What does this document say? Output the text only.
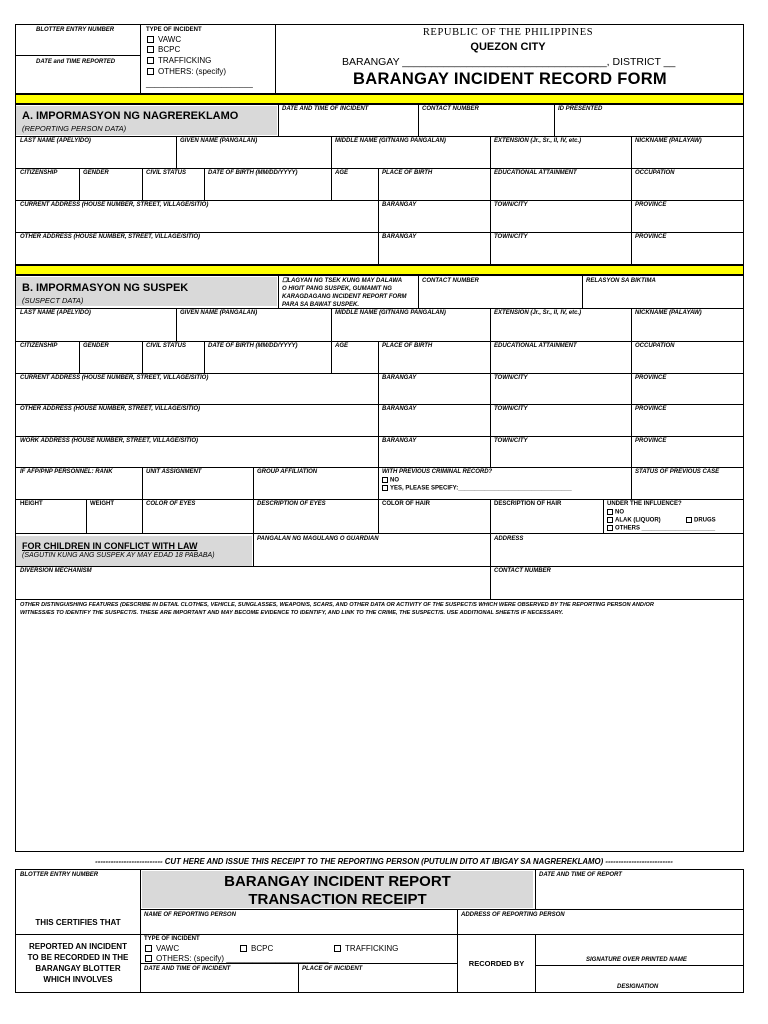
BLOTTER ENTRY NUMBER
DATE and TIME REPORTED
TYPE OF INCIDENT
VAWC
BCPC
TRAFFICKING
OTHERS: (specify)
________________________
REPUBLIC OF THE PHILIPPINES
QUEZON CITY
BARANGAY ___________________________________, DISTRICT __
BARANGAY INCIDENT RECORD FORM
A. IMPORMASYON NG NAGREREKLAMO
(REPORTING PERSON DATA)
DATE AND TIME OF INCIDENT	CONTACT NUMBER	ID PRESENTED
LAST NAME (APELYIDO)	GIVEN NAME (PANGALAN)	MIDDLE NAME (GITNANG PANGALAN)	EXTENSION (Jr., Sr., II, IV, etc.)	NICKNAME (PALAYAW)
CITIZENSHIP	GENDER	CIVIL STATUS	DATE OF BIRTH (MM/DD/YYYY)	AGE	PLACE OF BIRTH	EDUCATIONAL ATTAINMENT	OCCUPATION
CURRENT ADDRESS (HOUSE NUMBER, STREET, VILLAGE/SITIO)	BARANGAY	TOWN/CITY	PROVINCE
OTHER ADDRESS (HOUSE NUMBER, STREET, VILLAGE/SITIO)	BARANGAY	TOWN/CITY	PROVINCE
B. IMPORMASYON NG SUSPEK
(SUSPECT DATA)
☐LAGYAN NG TSEK KUNG MAY DALAWA
O HIGIT PANG SUSPEK, GUMAMIT NG
KARAGDAGANG INCIDENT REPORT FORM
PARA SA BAWAT SUSPEK.
CONTACT NUMBER	RELASYON SA BIKTIMA
LAST NAME (APELYIDO)	GIVEN NAME (PANGALAN)	MIDDLE NAME (GITNANG PANGALAN)	EXTENSION (Jr., Sr., II, IV, etc.)	NICKNAME (PALAYAW)
CITIZENSHIP	GENDER	CIVIL STATUS	DATE OF BIRTH (MM/DD/YYYY)	AGE	PLACE OF BIRTH	EDUCATIONAL ATTAINMENT	OCCUPATION
CURRENT ADDRESS (HOUSE NUMBER, STREET, VILLAGE/SITIO)	BARANGAY	TOWN/CITY	PROVINCE
OTHER ADDRESS (HOUSE NUMBER, STREET, VILLAGE/SITIO)	BARANGAY	TOWN/CITY	PROVINCE
WORK ADDRESS (HOUSE NUMBER, STREET, VILLAGE/SITIO)	BARANGAY	TOWN/CITY	PROVINCE
IF AFP/PNP PERSONNEL: RANK	UNIT ASSIGNMENT	GROUP AFFILIATION	WITH PREVIOUS CRIMINAL RECORD?
NO
YES, PLEASE SPECIFY:__________________________________
STATUS OF PREVIOUS CASE
HEIGHT	WEIGHT	COLOR OF EYES	DESCRIPTION OF EYES	COLOR OF HAIR	DESCRIPTION OF HAIR	UNDER THE INFLUENCE?
NO
ALAK (LIQUOR)	DRUGS
OTHERS ______________________
FOR CHILDREN IN CONFLICT WITH LAW
(SAGUTIN KUNG ANG SUSPEK AY MAY EDAD 18 PABABA)
PANGALAN NG MAGULANG O GUARDIAN	ADDRESS
DIVERSION MECHANISM	CONTACT NUMBER
OTHER DISTINGUISHING FEATURES (DESCRIBE IN DETAIL CLOTHES, VEHICLE, SUNGLASSES, WEAPON/S, SCARS, AND OTHER DATA OR ACTIVITY OF THE SUSPECT/S WHICH WERE OBSERVED BY THE REPORTING PERSON AND/OR
WITNESS/ES TO IDENTIFY THE SUSPECT/S. THESE ARE IMPORTANT AND MAY BECOME EVIDENCE TO IDENTIFY, AND LINK TO THE CRIME, THE SUSPECT/S. USE ADDITIONAL SHEET/S IF NECESSARY.
-------------------------- CUT HERE AND ISSUE THIS RECEIPT TO THE REPORTING PERSON (PUTULIN DITO AT IBIGAY SA NAGREREKLAMO) --------------------------
BLOTTER ENTRY NUMBER	BARANGAY INCIDENT REPORT
TRANSACTION RECEIPT
DATE AND TIME OF REPORT
THIS CERTIFIES THAT
NAME OF REPORTING PERSON	ADDRESS OF REPORTING PERSON
REPORTED AN INCIDENT
TO BE RECORDED IN THE
BARANGAY BLOTTER
WHICH INVOLVES
TYPE OF INCIDENT
VAWC	BCPC	TRAFFICKING
OTHERS: (specify) _______________________
DATE AND TIME OF INCIDENT	PLACE OF INCIDENT
RECORDED BY	SIGNATURE OVER PRINTED NAME
DESIGNATION
